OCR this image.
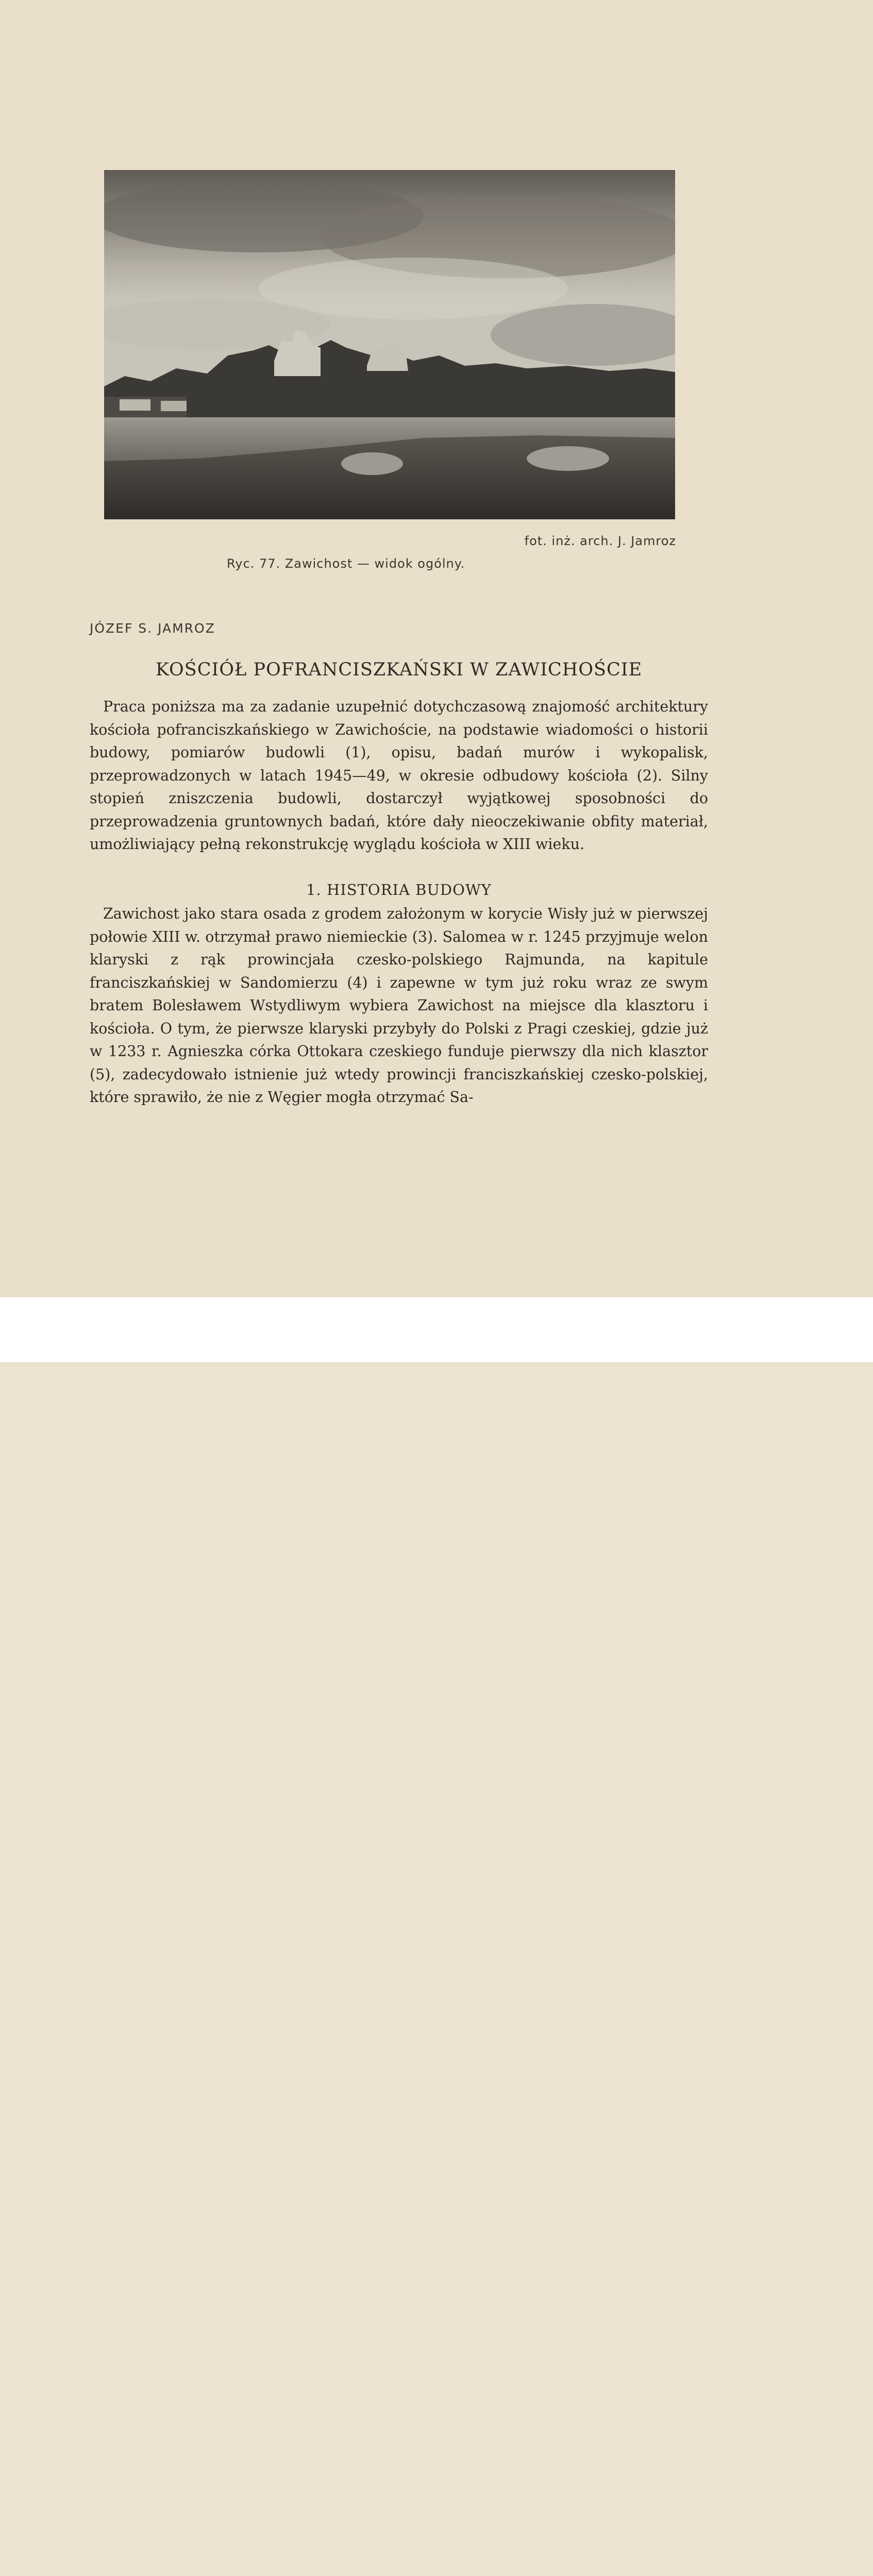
fot. inż. arch. J. Jamroz
Ryc. 77. Zawichost — widok ogólny.
JÓZEF S. JAMROZ
KOŚCIÓŁ POFRANCISZKAŃSKI W ZAWICHOŚCIE
Praca poniższa ma za zadanie uzupełnić dotychczasową znajomość architektury kościoła pofranciszkańskiego w Zawichoście, na podstawie wiadomości o historii budowy, pomiarów budowli (1), opisu, badań murów i wykopalisk, przeprowadzonych w latach 1945—49, w okresie odbudowy kościoła (2). Silny stopień zniszczenia budowli, dostarczył wyjątkowej sposobności do przeprowadzenia gruntownych badań, które dały nieoczekiwanie obfity materiał, umożliwiający pełną rekonstrukcję wyglądu kościoła w XIII wieku.
1. HISTORIA BUDOWY
Zawichost jako stara osada z grodem założonym w korycie Wisły już w pierwszej połowie XIII w. otrzymał prawo niemieckie (3). Salomea w r. 1245 przyjmuje welon klaryski z rąk prowincjała czesko-polskiego Rajmunda, na kapitule franciszkańskiej w Sandomierzu (4) i zapewne w tym już roku wraz ze swym bratem Bolesławem Wstydliwym wybiera Zawichost na miejsce dla klasztoru i kościoła. O tym, że pierwsze klaryski przybyły do Polski z Pragi czeskiej, gdzie już w 1233 r. Agnieszka córka Ottokara czeskiego funduje pierwszy dla nich klasztor (5), zadecydowało istnienie już wtedy prowincji franciszkańskiej czesko-polskiej, które sprawiło, że nie z Węgier mogła otrzymać Sa-
